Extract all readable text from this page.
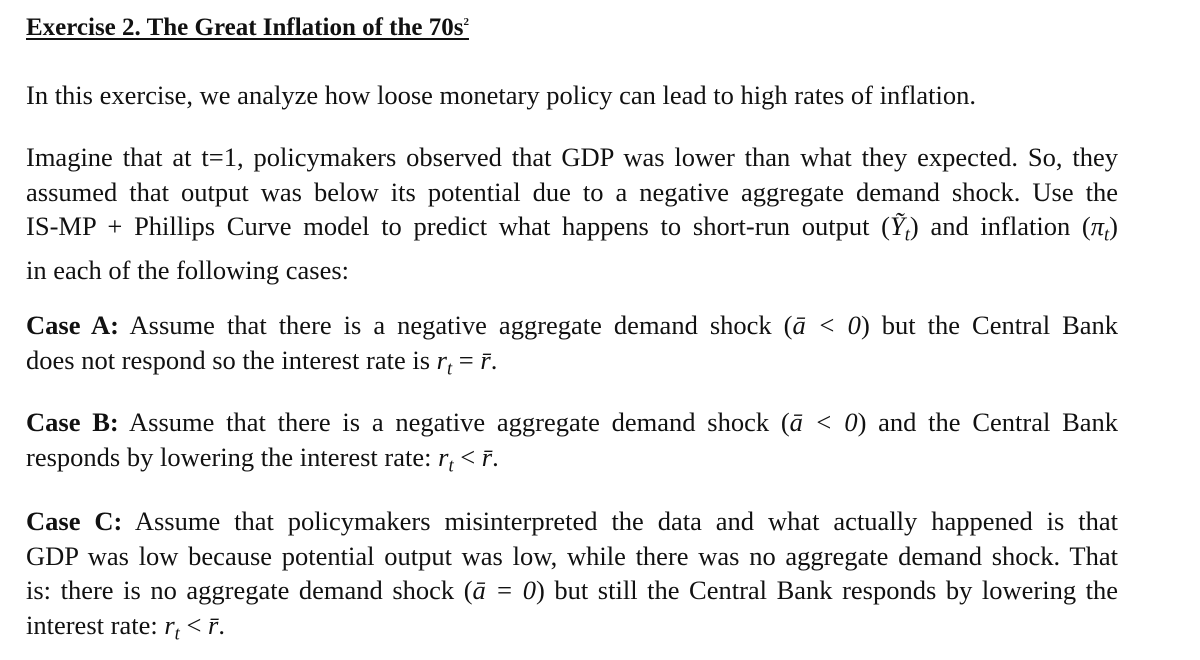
Exercise 2. The Great Inflation of the $70s^2$
In this exercise, we analyze how loose monetary policy can lead to high rates of inflation.
Imagine that at t=1, policymakers observed that GDP was lower than what they expected. So, they
assumed that output was below its potential due to a negative aggregate demand shock. Use the
IS-MP + Phillips Curve model to predict what happens to short-run output (Ỹ$_t$) and inflation $(\pi_t)$
in each of the following cases:
Case A: Assume that there is a negative aggregate demand shock (ā < 0) but the Central Bank
does not respond so the interest rate is $r_t$ = r̄.
Case B: Assume that there is a negative aggregate demand shock (ā < 0) and the Central Bank
responds by lowering the interest rate: $r_t$ < r̄.
Case C: Assume that policymakers misinterpreted the data and what actually happened is that
GDP was low because potential output was low, while there was no aggregate demand shock. That
is: there is no aggregate demand shock (ā = 0) but still the Central Bank responds by lowering the
interest rate: $r_t$ < r̄.
